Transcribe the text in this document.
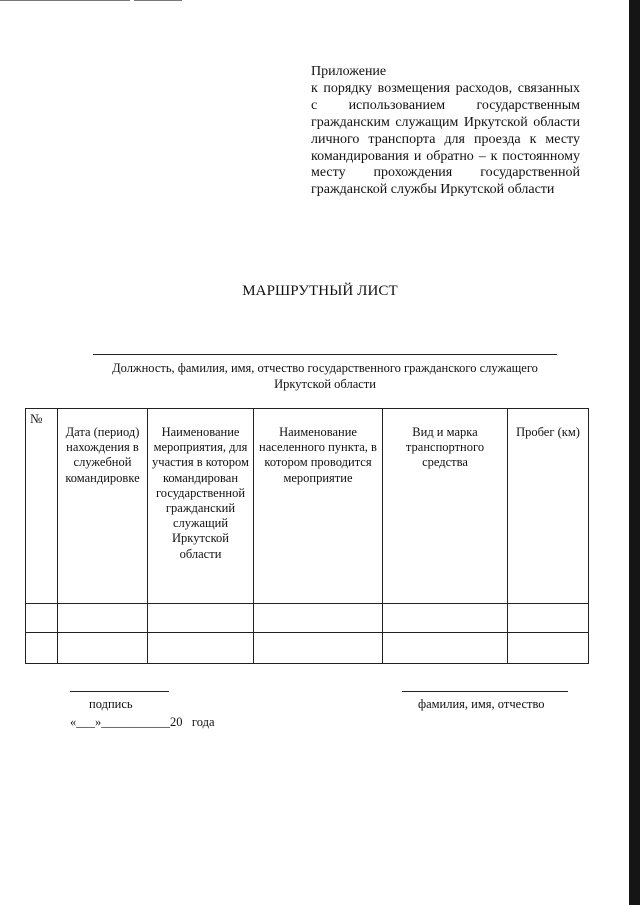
Приложение
к порядку возмещения расходов, связанных с использованием государственным гражданским служащим Иркутской области личного транспорта для проезда к месту командирования и обратно – к постоянному месту прохождения государственной гражданской службы Иркутской области
МАРШРУТНЫЙ ЛИСТ
Должность, фамилия, имя, отчество государственного гражданского служащего Иркутской области
№	Дата (период) нахождения в служебной командировке	Наименование мероприятия, для участия в котором командирован государственной гражданский служащий Иркутской области	Наименование населенного пункта, в котором проводится мероприятие	Вид и марка транспортного средства	Пробег (км)

подпись	фамилия, имя, отчество
«___»___________20   года
